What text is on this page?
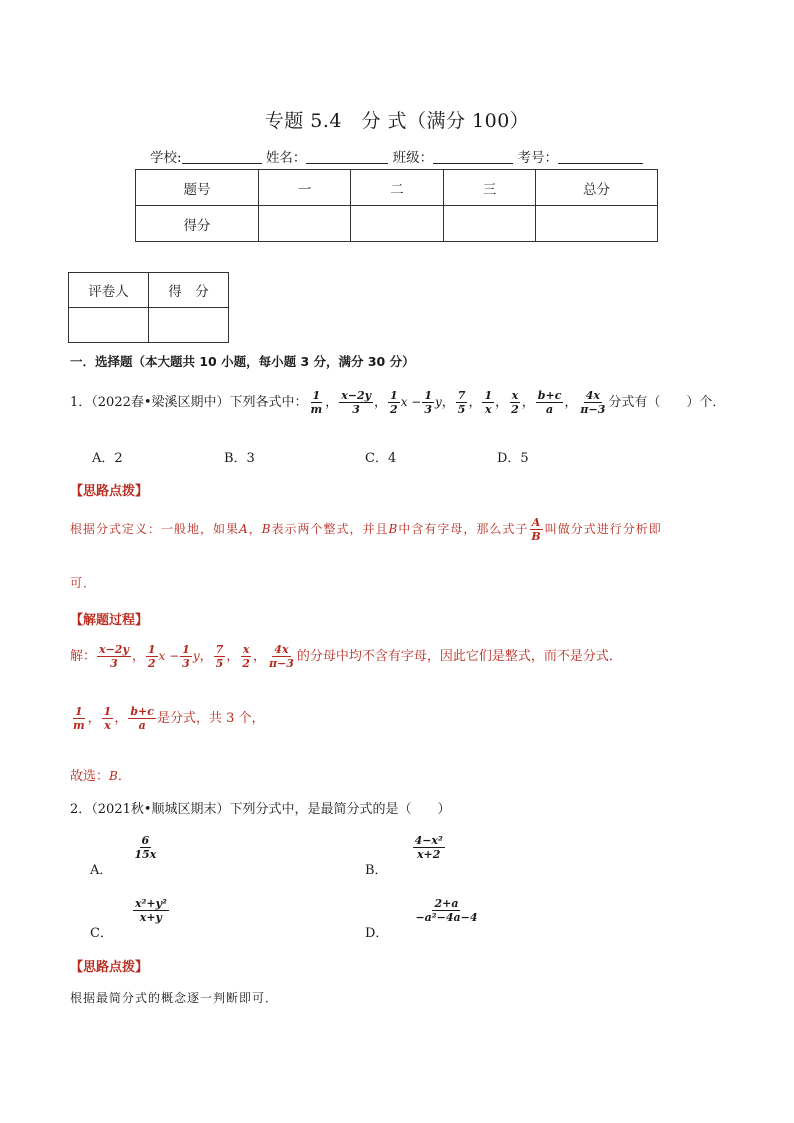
专题 5.4　分 式（满分 100）
学校:	姓名：	班级：	考号：
题号	一	二	三	总分
得分				
评卷人	得　分

一．选择题（本大题共 10 小题，每小题 3 分，满分 30 分）
1．（2022春•梁溪区期中）下列各式中： $\frac{1}{m}$ ， $\frac{x-2y}{3}$ ， $\frac{1}{2}$ $x - \frac{1}{3}$ y， $\frac{7}{5}$ ， $\frac{1}{x}$ ， $\frac{x}{2}$ ， $\frac{b+c}{a}$ ， $\frac{4x}{\pi-3}$ 分式有（　　）个．
A．2	B．3	C．4	D．5
【思路点拨】
根据分式定义：一般地，如果A，B表示两个整式，并且B中含有字母，那么式子 $\frac{A}{B}$ 叫做分式进行分析即
可．
【解题过程】
解： $\frac{x-2y}{3}$ ， $\frac{1}{2}$ $x - \frac{1}{3}$ y， $\frac{7}{5}$ ， $\frac{x}{2}$ ， $\frac{4x}{\pi-3}$ 的分母中均不含有字母，因此它们是整式，而不是分式．
$\frac{1}{m}$ ， $\frac{1}{x}$ ， $\frac{b+c}{a}$ 是分式，共 3 个，
故选：B．
2．（2021秋•顺城区期末）下列分式中，是最简分式的是（　　）
A．
$\frac{6}{15x}$
B．
$\frac{\text{4−x²}}{x+2}$
C．
$\frac{\text{x²+y²}}{x+y}$
D．
$\frac{2+a}{\text{−a²−4a−4}}$
【思路点拨】
根据最简分式的概念逐一判断即可．
